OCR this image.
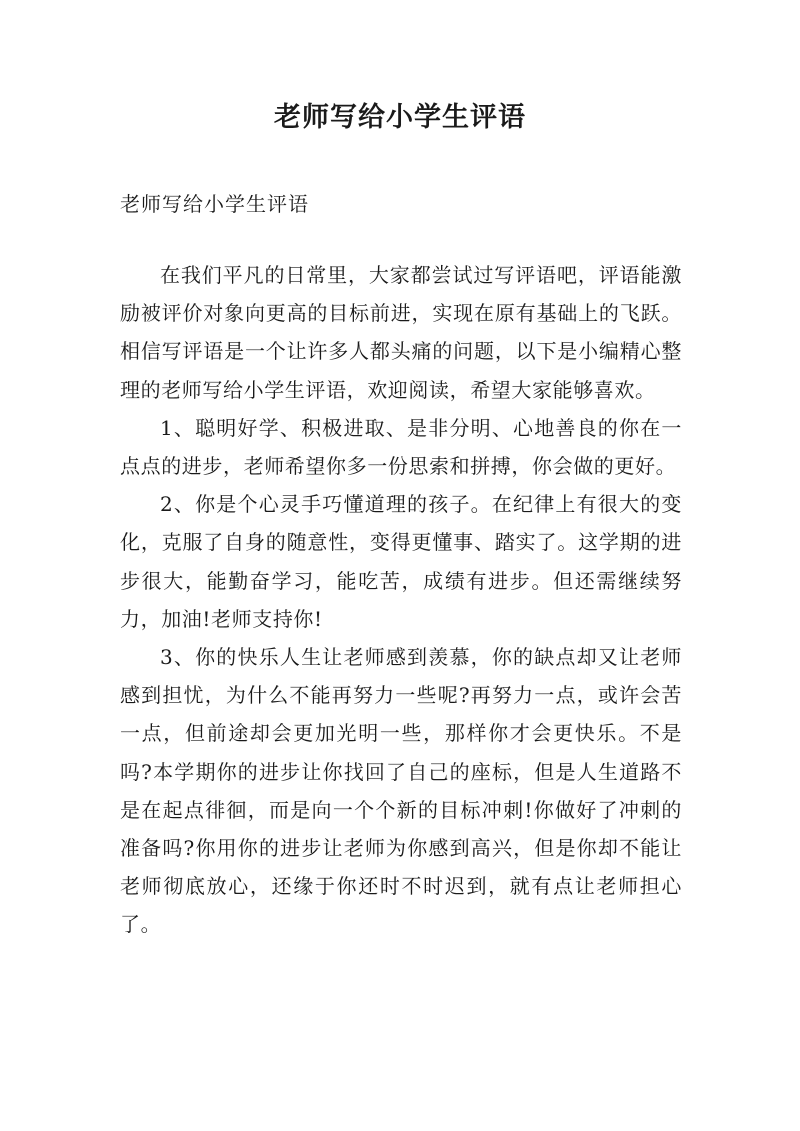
老师写给小学生评语

老师写给小学生评语

在我们平凡的日常里，大家都尝试过写评语吧，评语能激励被评价对象向更高的目标前进，实现在原有基础上的飞跃。相信写评语是一个让许多人都头痛的问题，以下是小编精心整理的老师写给小学生评语，欢迎阅读，希望大家能够喜欢。

1、聪明好学、积极进取、是非分明、心地善良的你在一点点的进步，老师希望你多一份思索和拼搏，你会做的更好。

2、你是个心灵手巧懂道理的孩子。在纪律上有很大的变化，克服了自身的随意性，变得更懂事、踏实了。这学期的进步很大，能勤奋学习，能吃苦，成绩有进步。但还需继续努力，加油!老师支持你!

3、你的快乐人生让老师感到羡慕，你的缺点却又让老师感到担忧，为什么不能再努力一些呢?再努力一点，或许会苦一点，但前途却会更加光明一些，那样你才会更快乐。不是吗?本学期你的进步让你找回了自己的座标，但是人生道路不是在起点徘徊，而是向一个个新的目标冲刺!你做好了冲刺的准备吗?你用你的进步让老师为你感到高兴，但是你却不能让老师彻底放心，还缘于你还时不时迟到，就有点让老师担心了。
